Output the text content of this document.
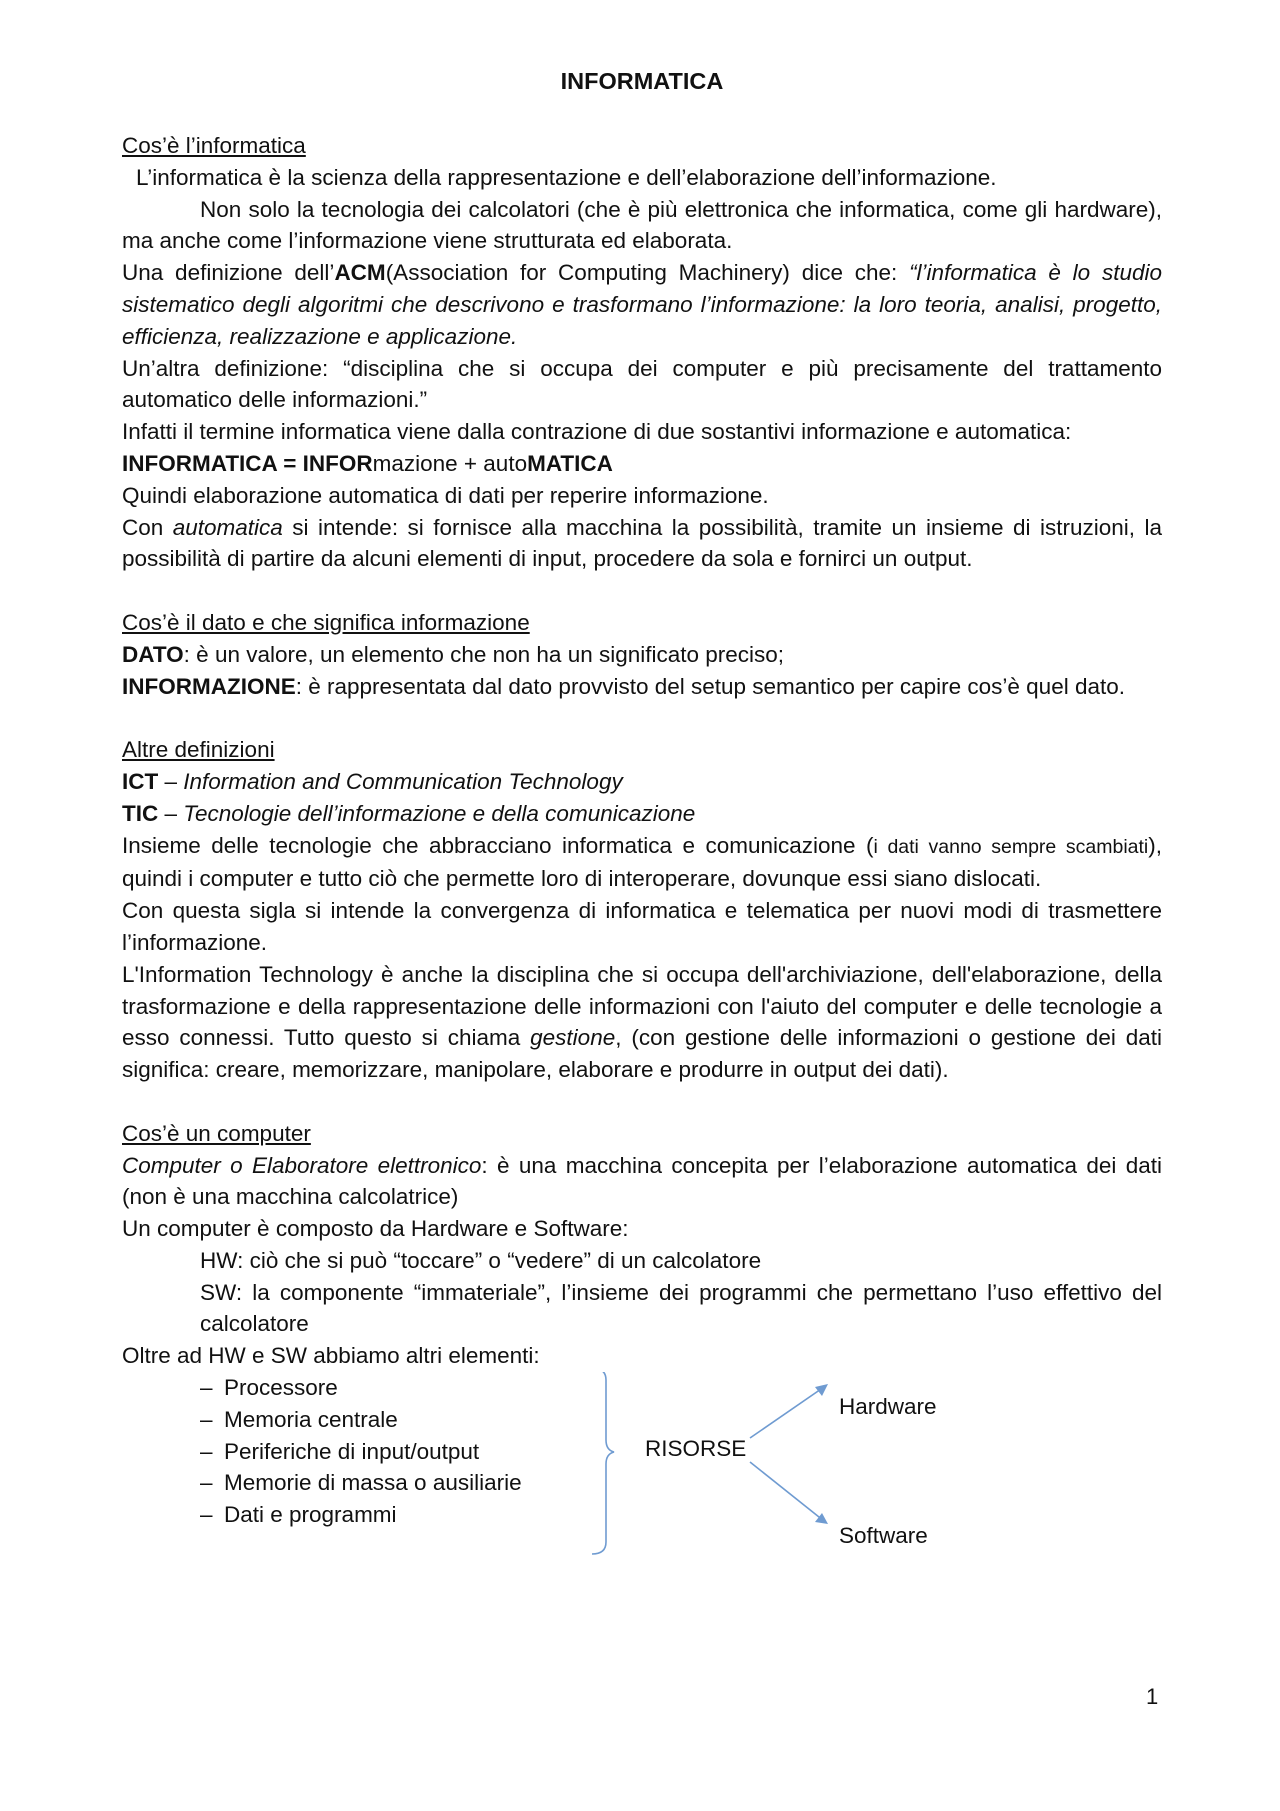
INFORMATICA

Cos’è l’informatica

L’informatica è la scienza della rappresentazione e dell’elaborazione dell’informazione.

Non solo la tecnologia dei calcolatori (che è più elettronica che informatica, come gli hardware), ma anche come l’informazione viene strutturata ed elaborata.

Una definizione dell’ACM(Association for Computing Machinery) dice che: “l’informatica è lo studio sistematico degli algoritmi che descrivono e trasformano l’informazione: la loro teoria, analisi, progetto, efficienza, realizzazione e applicazione.

Un’altra definizione: “disciplina che si occupa dei computer e più precisamente del trattamento automatico delle informazioni.”

Infatti il termine informatica viene dalla contrazione di due sostantivi informazione e automatica:

INFORMATICA = INFORmazione + autoMATICA

Quindi elaborazione automatica di dati per reperire informazione.

Con automatica si intende: si fornisce alla macchina la possibilità, tramite un insieme di istruzioni, la possibilità di partire da alcuni elementi di input, procedere da sola e fornirci un output.

Cos’è il dato e che significa informazione

DATO: è un valore, un elemento che non ha un significato preciso;

INFORMAZIONE: è rappresentata dal dato provvisto del setup semantico per capire cos’è quel dato.

Altre definizioni

ICT – Information and Communication Technology

TIC – Tecnologie dell’informazione e della comunicazione

Insieme delle tecnologie che abbracciano informatica e comunicazione (i dati vanno sempre scambiati), quindi i computer e tutto ciò che permette loro di interoperare, dovunque essi siano dislocati.

Con questa sigla si intende la convergenza di informatica e telematica per nuovi modi di trasmettere l’informazione.

L'Information Technology è anche la disciplina che si occupa dell'archiviazione, dell'elaborazione, della trasformazione e della rappresentazione delle informazioni con l'aiuto del computer e delle tecnologie a esso connessi. Tutto questo si chiama gestione, (con gestione delle informazioni o gestione dei dati significa: creare, memorizzare, manipolare, elaborare e produrre in output dei dati).

Cos’è un computer

Computer o Elaboratore elettronico: è una macchina concepita per l’elaborazione automatica dei dati (non è una macchina calcolatrice)

Un computer è composto da Hardware e Software:

HW: ciò che si può “toccare” o “vedere” di un calcolatore

SW: la componente “immateriale”, l’insieme dei programmi che permettano l’uso effettivo del calcolatore

Oltre ad HW e SW abbiamo altri elementi:

– Processore
– Memoria centrale
– Periferiche di input/output
– Memorie di massa o ausiliarie
– Dati e programmi
RISORSE
Hardware
Software
1
